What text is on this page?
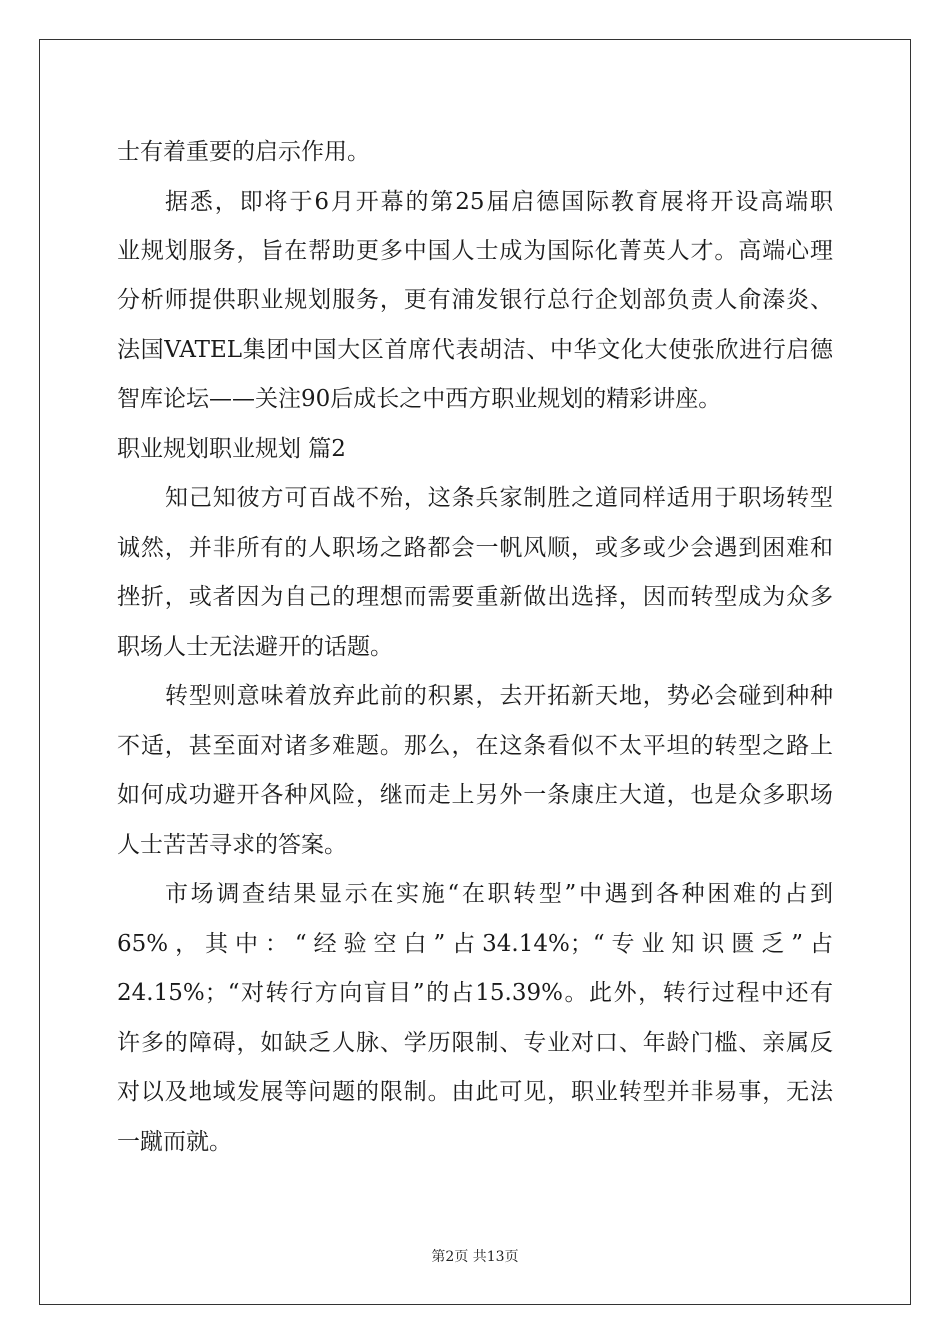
士有着重要的启示作用。
据悉，即将于6月开幕的第25届启德国际教育展将开设高端职
业规划服务，旨在帮助更多中国人士成为国际化菁英人才。高端心理
分析师提供职业规划服务，更有浦发银行总行企划部负责人俞溱炎、
法国VATEL集团中国大区首席代表胡洁、中华文化大使张欣进行启德
智库论坛——关注90后成长之中西方职业规划的精彩讲座。
职业规划职业规划 篇2
知己知彼方可百战不殆，这条兵家制胜之道同样适用于职场转型
诚然，并非所有的人职场之路都会一帆风顺，或多或少会遇到困难和
挫折，或者因为自己的理想而需要重新做出选择，因而转型成为众多
职场人士无法避开的话题。
转型则意味着放弃此前的积累，去开拓新天地，势必会碰到种种
不适，甚至面对诸多难题。那么，在这条看似不太平坦的转型之路上
如何成功避开各种风险，继而走上另外一条康庄大道，也是众多职场
人士苦苦寻求的答案。
市场调查结果显示在实施“在职转型”中遇到各种困难的占到
65%，其中：“经验空白”占34.14%；“专业知识匮乏”占
24.15%；“对转行方向盲目”的占15.39%。此外，转行过程中还有
许多的障碍，如缺乏人脉、学历限制、专业对口、年龄门槛、亲属反
对以及地域发展等问题的限制。由此可见，职业转型并非易事，无法
一蹴而就。
第2页 共13页
